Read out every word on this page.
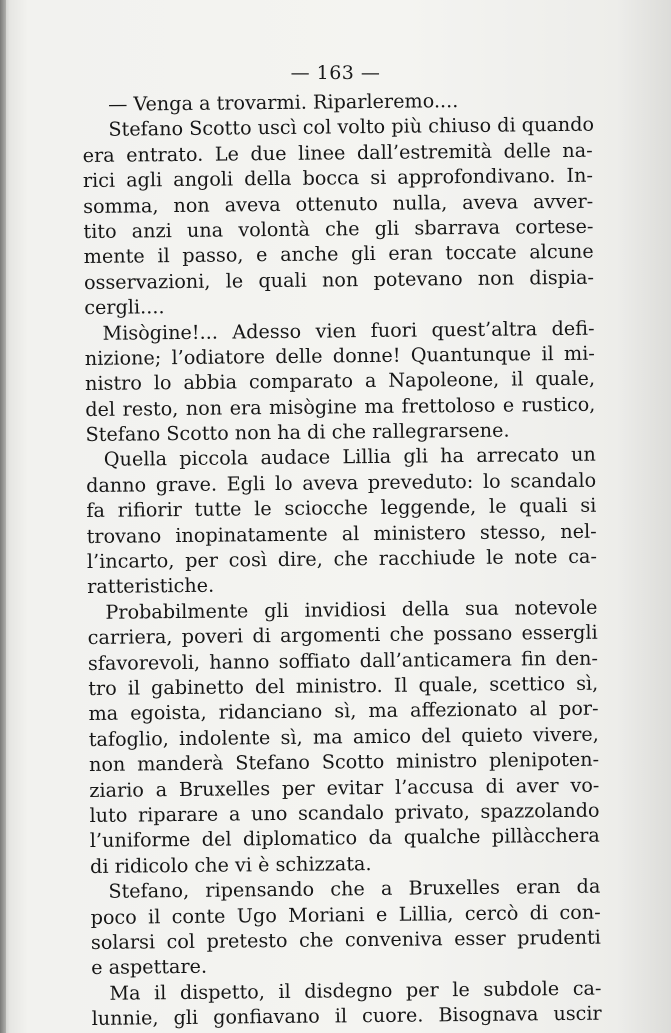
— 163 —
— Venga a trovarmi. Riparleremo....
Stefano Scotto uscì col volto più chiuso di quando
era entrato. Le due linee dall’estremità delle na-
rici agli angoli della bocca si approfondivano. In-
somma, non aveva ottenuto nulla, aveva avver-
tito anzi una volontà che gli sbarrava cortese-
mente il passo, e anche gli eran toccate alcune
osservazioni, le quali non potevano non dispia-
cergli....
Misògine!... Adesso vien fuori quest’altra defi-
nizione; l’odiatore delle donne! Quantunque il mi-
nistro lo abbia comparato a Napoleone, il quale,
del resto, non era misògine ma frettoloso e rustico,
Stefano Scotto non ha di che rallegrarsene.
Quella piccola audace Lillia gli ha arrecato un
danno grave. Egli lo aveva preveduto: lo scandalo
fa rifiorir tutte le sciocche leggende, le quali si
trovano inopinatamente al ministero stesso, nel-
l’incarto, per così dire, che racchiude le note ca-
ratteristiche.
Probabilmente gli invidiosi della sua notevole
carriera, poveri di argomenti che possano essergli
sfavorevoli, hanno soffiato dall’anticamera fin den-
tro il gabinetto del ministro. Il quale, scettico sì,
ma egoista, ridanciano sì, ma affezionato al por-
tafoglio, indolente sì, ma amico del quieto vivere,
non manderà Stefano Scotto ministro plenipoten-
ziario a Bruxelles per evitar l’accusa di aver vo-
luto riparare a uno scandalo privato, spazzolando
l’uniforme del diplomatico da qualche pillàcchera
di ridicolo che vi è schizzata.
Stefano, ripensando che a Bruxelles eran da
poco il conte Ugo Moriani e Lillia, cercò di con-
solarsi col pretesto che conveniva esser prudenti
e aspettare.
Ma il dispetto, il disdegno per le subdole ca-
lunnie, gli gonfiavano il cuore. Bisognava uscir
